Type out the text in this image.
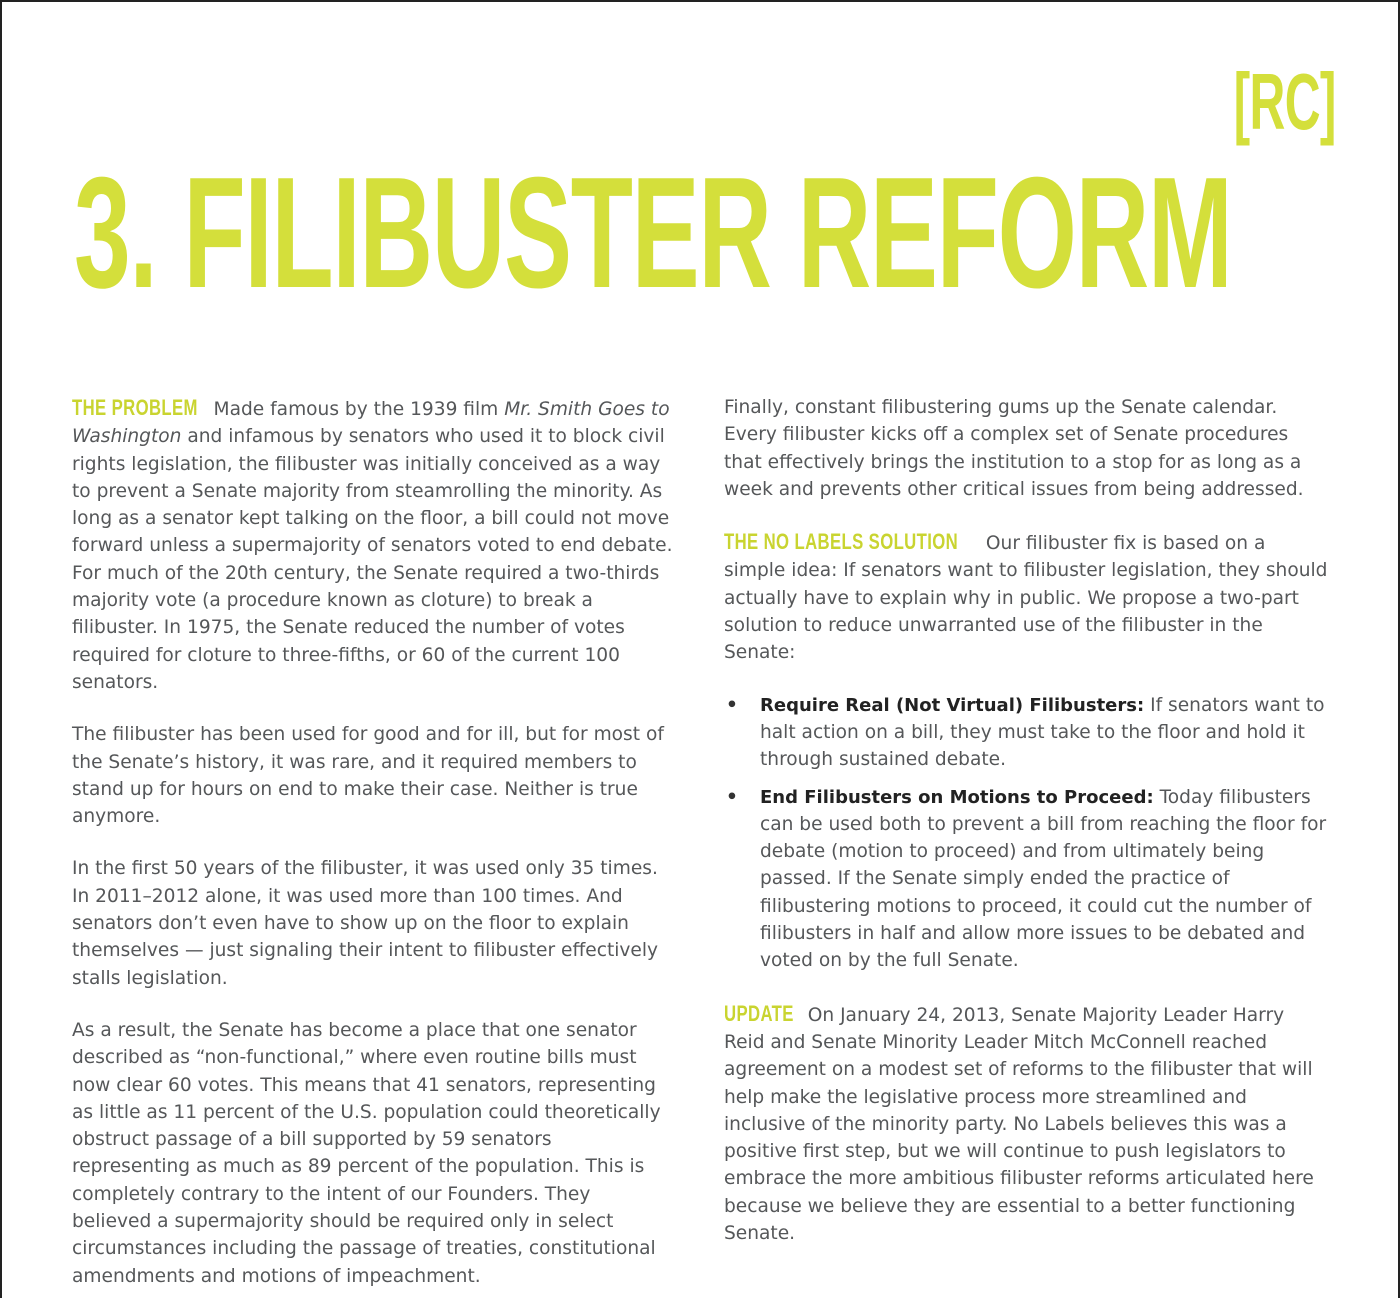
[RC]
3. FILIBUSTER REFORM

THE PROBLEM Made famous by the 1939 film Mr. Smith Goes to Washington and infamous by senators who used it to block civil rights legislation, the filibuster was initially conceived as a way to prevent a Senate majority from steamrolling the minority. As long as a senator kept talking on the floor, a bill could not move forward unless a supermajority of senators voted to end debate. For much of the 20th century, the Senate required a two-thirds majority vote (a procedure known as cloture) to break a filibuster. In 1975, the Senate reduced the number of votes required for cloture to three-fifths, or 60 of the current 100 senators.

The filibuster has been used for good and for ill, but for most of the Senate’s history, it was rare, and it required members to stand up for hours on end to make their case. Neither is true anymore.

In the first 50 years of the filibuster, it was used only 35 times. In 2011–2012 alone, it was used more than 100 times. And senators don’t even have to show up on the floor to explain themselves — just signaling their intent to filibuster effectively stalls legislation.

As a result, the Senate has become a place that one senator described as “non-functional,” where even routine bills must now clear 60 votes. This means that 41 senators, representing as little as 11 percent of the U.S. population could theoretically obstruct passage of a bill supported by 59 senators representing as much as 89 percent of the population. This is completely contrary to the intent of our Founders. They believed a supermajority should be required only in select circumstances including the passage of treaties, constitutional amendments and motions of impeachment.

Finally, constant filibustering gums up the Senate calendar. Every filibuster kicks off a complex set of Senate procedures that effectively brings the institution to a stop for as long as a week and prevents other critical issues from being addressed.

THE NO LABELS SOLUTION Our filibuster fix is based on a simple idea: If senators want to filibuster legislation, they should actually have to explain why in public. We propose a two-part solution to reduce unwarranted use of the filibuster in the Senate:

• Require Real (Not Virtual) Filibusters: If senators want to halt action on a bill, they must take to the floor and hold it through sustained debate.
• End Filibusters on Motions to Proceed: Today filibusters can be used both to prevent a bill from reaching the floor for debate (motion to proceed) and from ultimately being passed. If the Senate simply ended the practice of filibustering motions to proceed, it could cut the number of filibusters in half and allow more issues to be debated and voted on by the full Senate.

UPDATE On January 24, 2013, Senate Majority Leader Harry Reid and Senate Minority Leader Mitch McConnell reached agreement on a modest set of reforms to the filibuster that will help make the legislative process more streamlined and inclusive of the minority party. No Labels believes this was a positive first step, but we will continue to push legislators to embrace the more ambitious filibuster reforms articulated here because we believe they are essential to a better functioning Senate.
